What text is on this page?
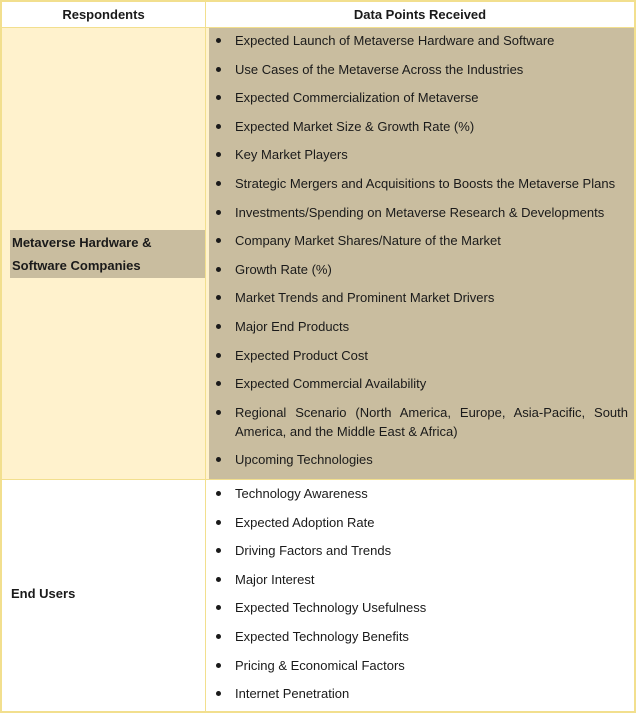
Respondents	Data Points Received
Metaverse Hardware & Software Companies
Expected Launch of Metaverse Hardware and Software
Use Cases of the Metaverse Across the Industries
Expected Commercialization of Metaverse
Expected Market Size & Growth Rate (%)
Key Market Players
Strategic Mergers and Acquisitions to Boosts the Metaverse Plans
Investments/Spending on Metaverse Research & Developments
Company Market Shares/Nature of the Market
Growth Rate (%)
Market Trends and Prominent Market Drivers
Major End Products
Expected Product Cost
Expected Commercial Availability
Regional Scenario (North America, Europe, Asia-Pacific, South America, and the Middle East & Africa)
Upcoming Technologies
End Users
Technology Awareness
Expected Adoption Rate
Driving Factors and Trends
Major Interest
Expected Technology Usefulness
Expected Technology Benefits
Pricing & Economical Factors
Internet Penetration
